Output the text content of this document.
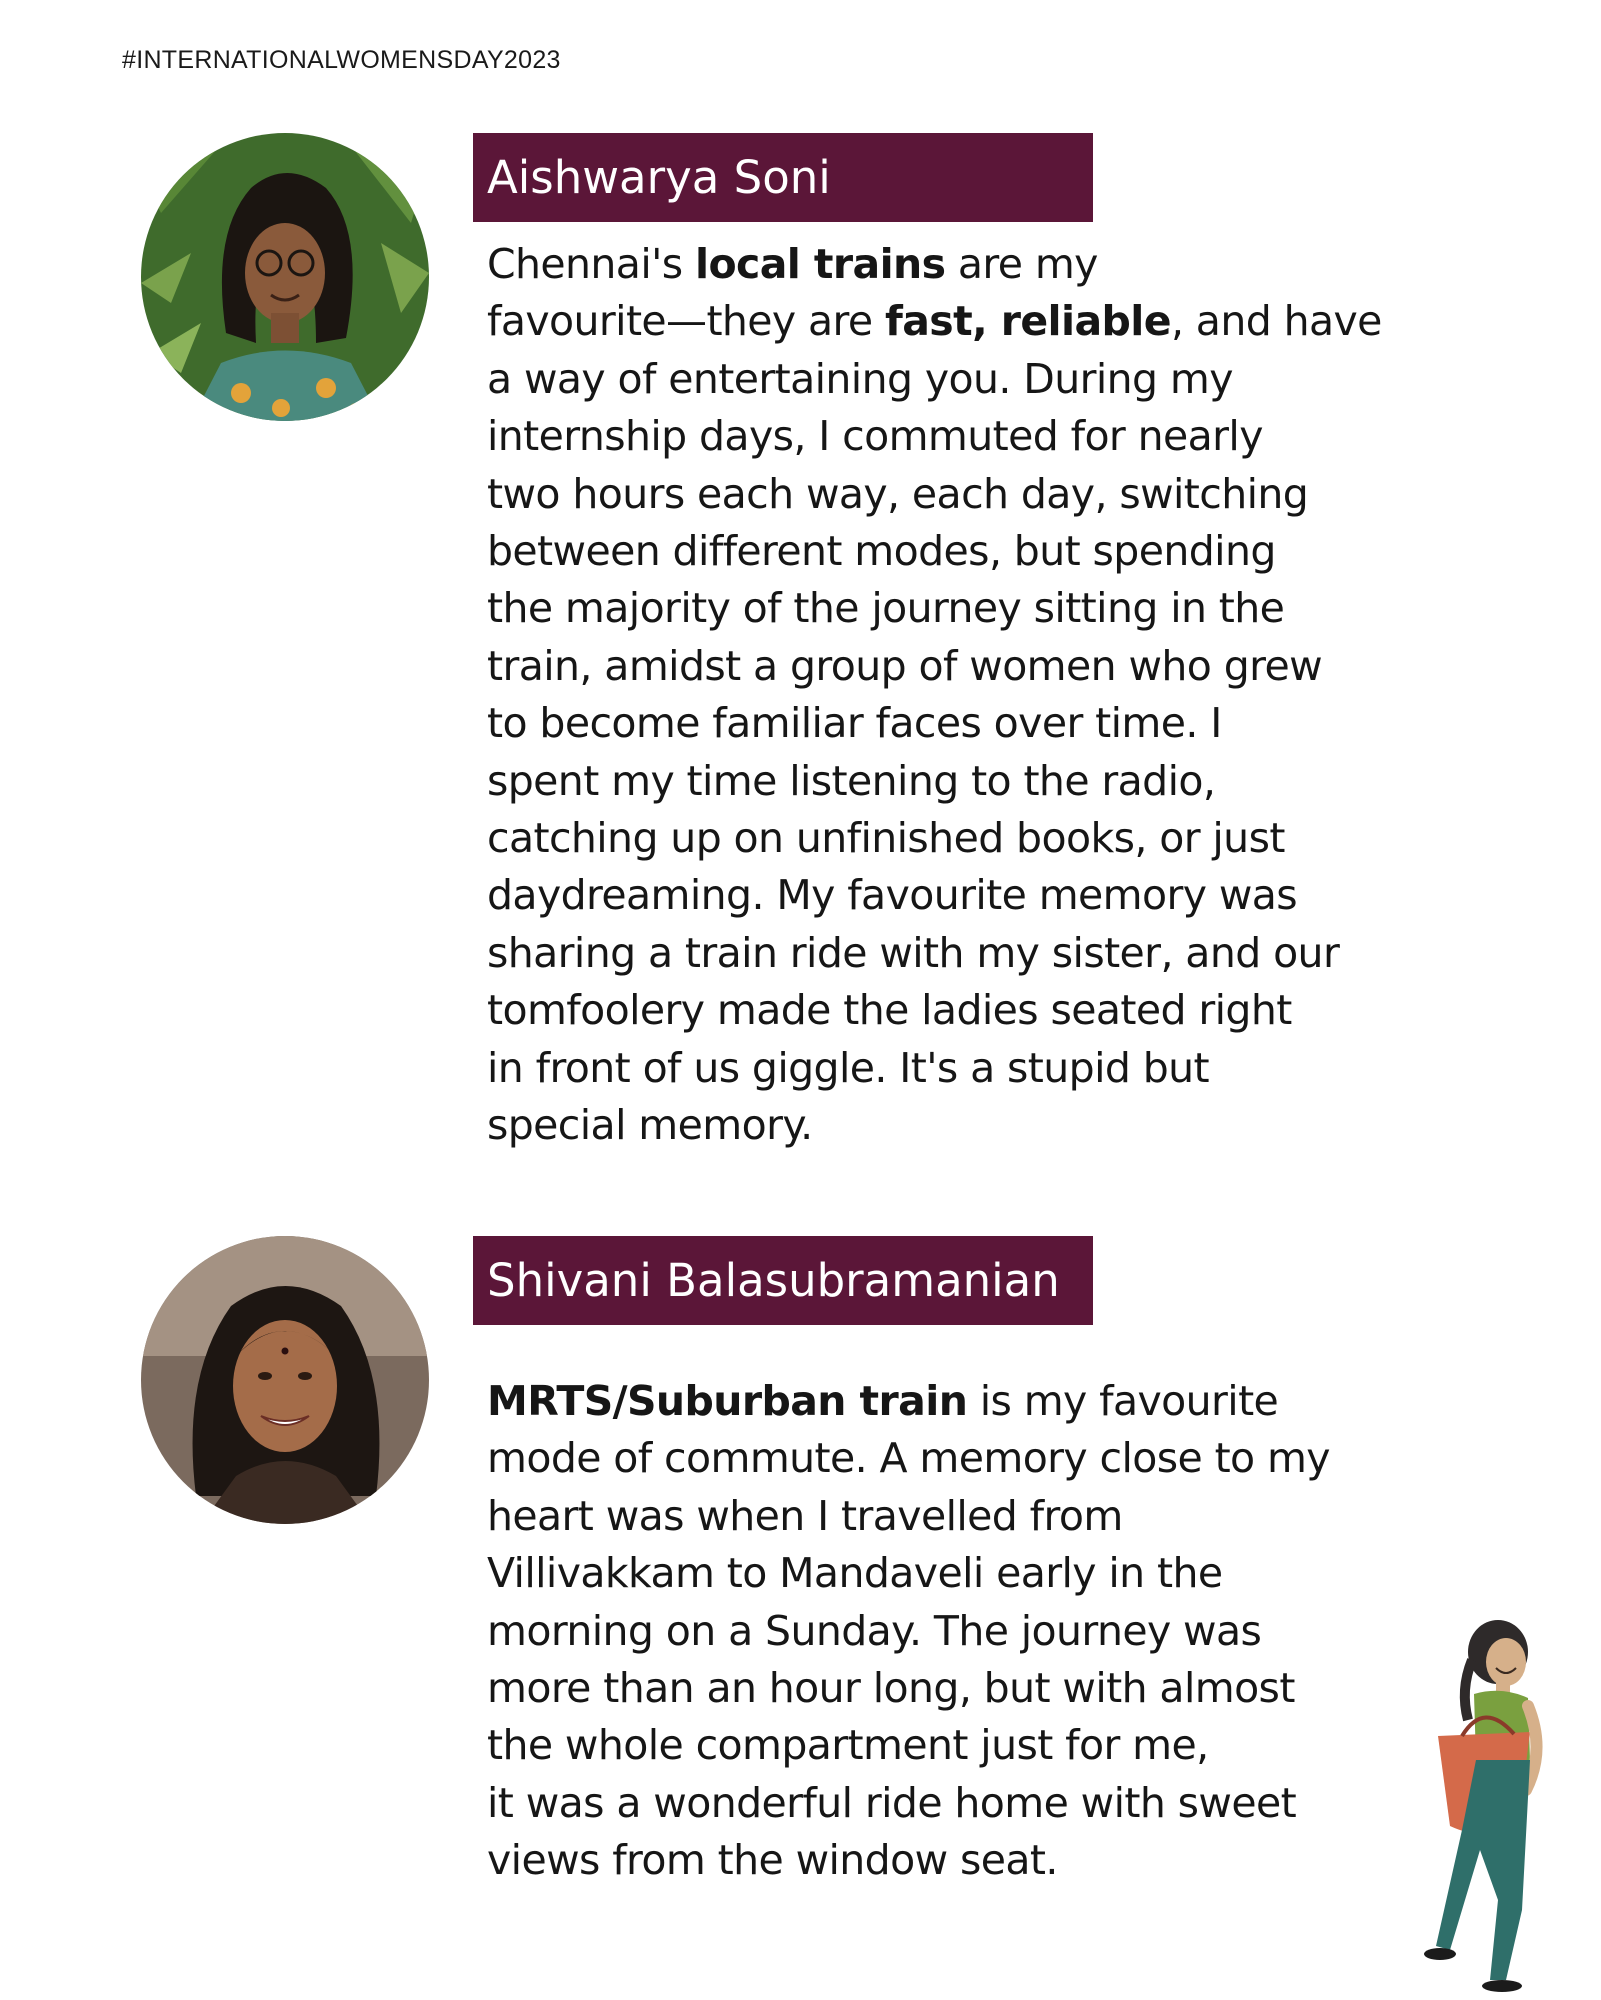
#INTERNATIONALWOMENSDAY2023
Aishwarya Soni
Chennai's local trains are my
favourite—they are fast, reliable, and have
a way of entertaining you. During my
internship days, I commuted for nearly
two hours each way, each day, switching
between different modes, but spending
the majority of the journey sitting in the
train, amidst a group of women who grew
to become familiar faces over time. I
spent my time listening to the radio,
catching up on unfinished books, or just
daydreaming. My favourite memory was
sharing a train ride with my sister, and our
tomfoolery made the ladies seated right
in front of us giggle. It's a stupid but
special memory.
Shivani Balasubramanian
MRTS/Suburban train is my favourite
mode of commute. A memory close to my
heart was when I travelled from
Villivakkam to Mandaveli early in the
morning on a Sunday. The journey was
more than an hour long, but with almost
the whole compartment just for me,
it was a wonderful ride home with sweet
views from the window seat.
